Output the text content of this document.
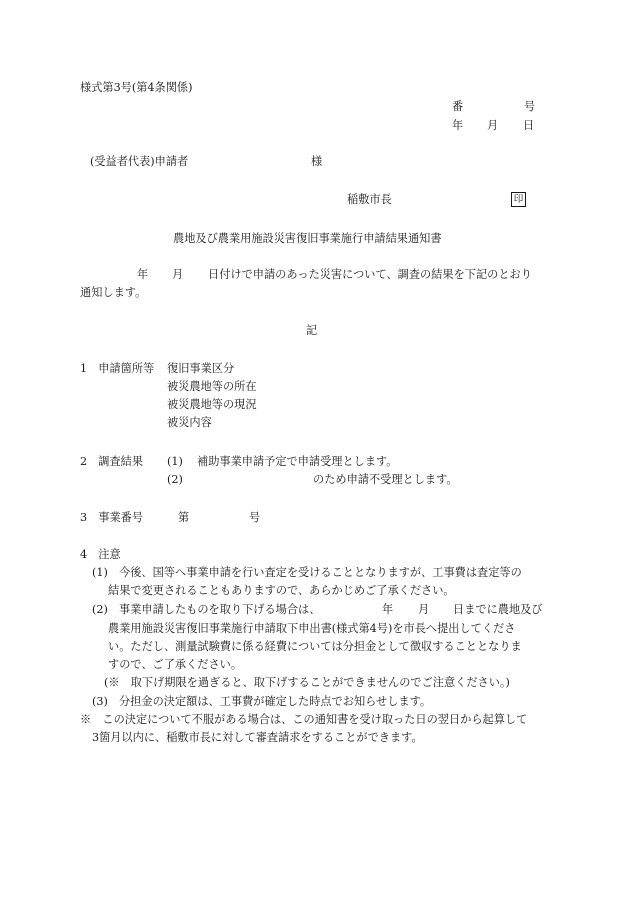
様式第3号(第4条関係)
番	号
年 月 日
(受益者代表)申請者	様
稲敷市長	印
農地及び農業用施設災害復旧事業施行申請結果通知書
年 月 日付けで申請のあった災害について、調査の結果を下記のとおり
通知します。
記
1　申請箇所等 復旧事業区分
被災農地等の所在
被災農地等の現況
被災内容
2　調査結果 (1) 補助事業申請予定で申請受理とします。
(2)	のため申請不受理とします。
3　事業番号	第	号
4　注意
(1)　今後、国等へ事業申請を行い査定を受けることとなりますが、工事費は査定等の
結果で変更されることもありますので、あらかじめご了承ください。
(2)　事業申請したものを取り下げる場合は、	年 月 日までに農地及び
農業用施設災害復旧事業施行申請取下申出書(様式第4号)を市長へ提出してくださ
い。ただし、測量試験費に係る経費については分担金として徴収することとなりま
すので、ご了承ください。
(※　取下げ期限を過ぎると、取下げすることができませんのでご注意ください。)
(3)　分担金の決定額は、工事費が確定した時点でお知らせします。
※　この決定について不服がある場合は、この通知書を受け取った日の翌日から起算して
3箇月以内に、稲敷市長に対して審査請求をすることができます。
